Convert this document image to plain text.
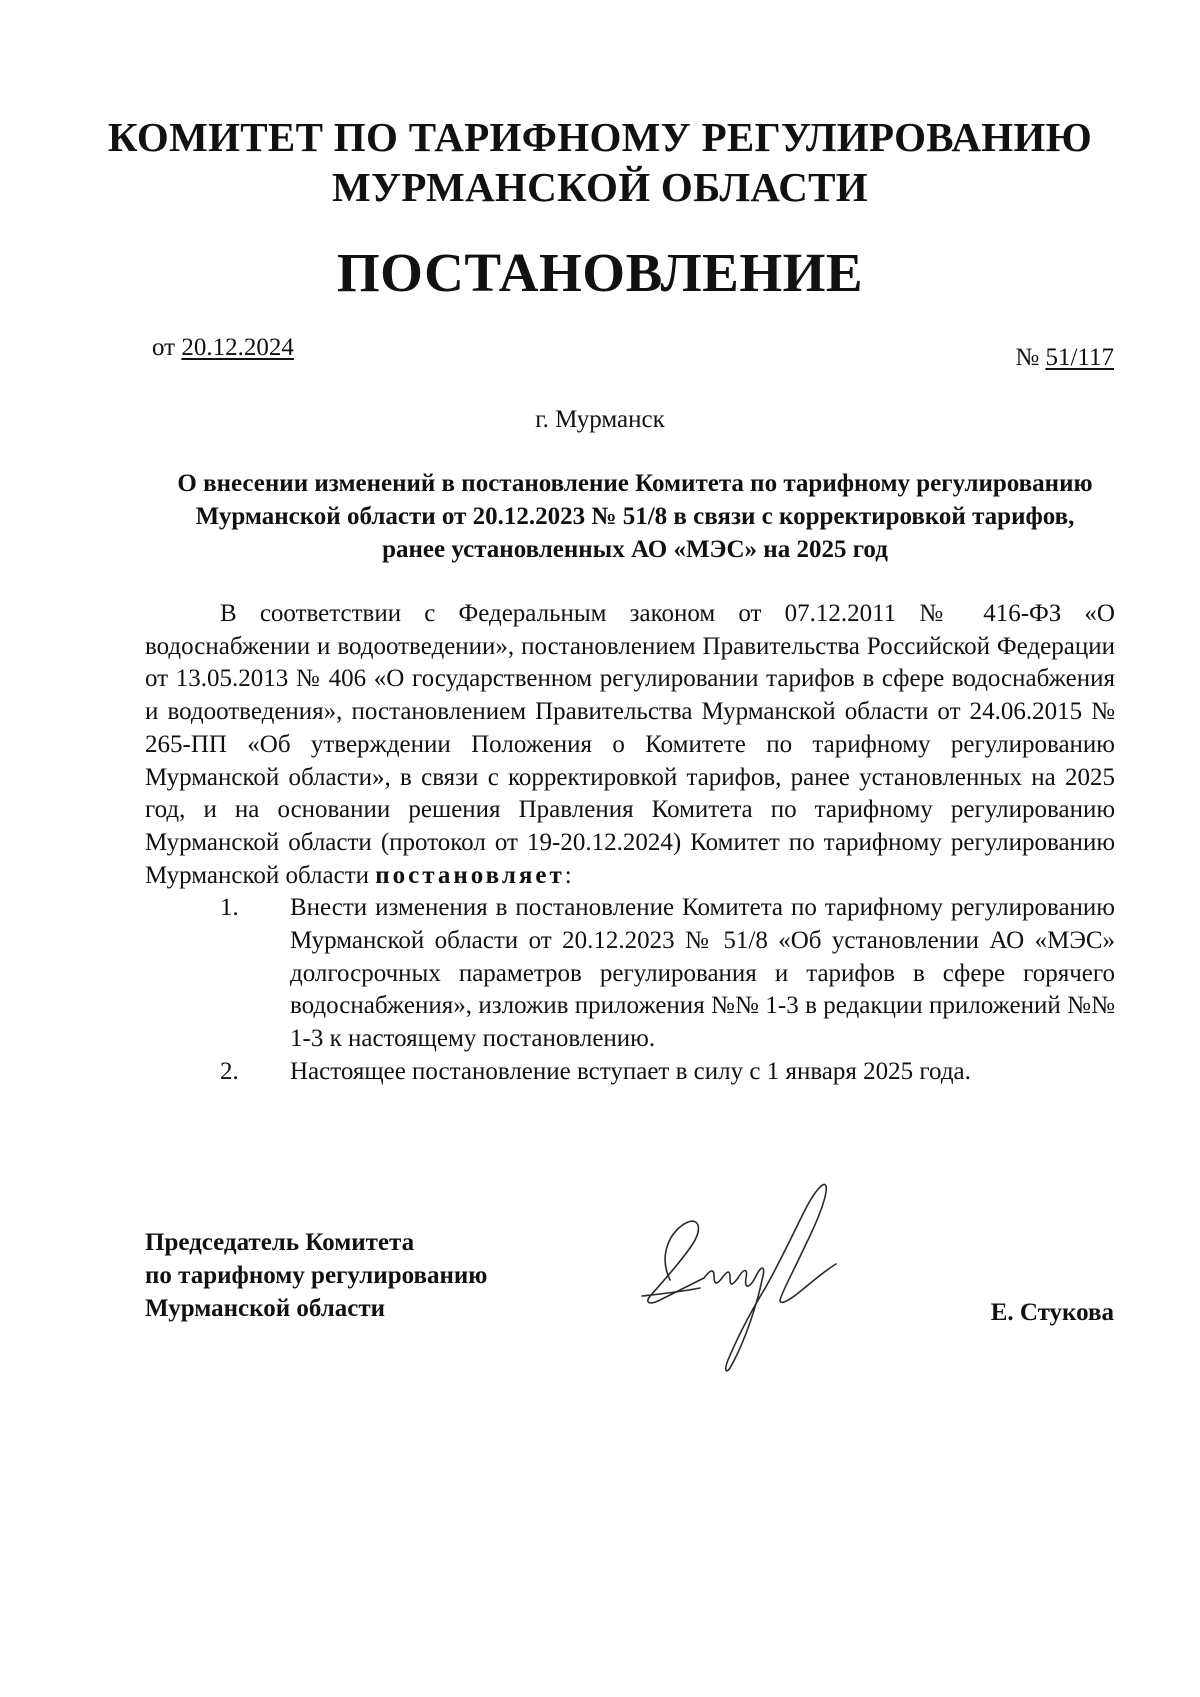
КОМИТЕТ ПО ТАРИФНОМУ РЕГУЛИРОВАНИЮ
МУРМАНСКОЙ ОБЛАСТИ
ПОСТАНОВЛЕНИЕ
от 20.12.2024	№ 51/117
г. Мурманск
О внесении изменений в постановление Комитета по тарифному регулированию Мурманской области от 20.12.2023 № 51/8 в связи с корректировкой тарифов, ранее установленных АО «МЭС» на 2025 год

В соответствии с Федеральным законом от 07.12.2011 № 416-ФЗ «О водоснабжении и водоотведении», постановлением Правительства Российской Федерации от 13.05.2013 № 406 «О государственном регулировании тарифов в сфере водоснабжения и водоотведения», постановлением Правительства Мурманской области от 24.06.2015 № 265-ПП «Об утверждении Положения о Комитете по тарифному регулированию Мурманской области», в связи с корректировкой тарифов, ранее установленных на 2025 год, и на основании решения Правления Комитета по тарифному регулированию Мурманской области (протокол от 19-20.12.2024) Комитет по тарифному регулированию Мурманской области постановляет:

1.	Внести изменения в постановление Комитета по тарифному регулированию Мурманской области от 20.12.2023 № 51/8 «Об установлении АО «МЭС» долгосрочных параметров регулирования и тарифов в сфере горячего водоснабжения», изложив приложения №№ 1-3 в редакции приложений №№ 1-3 к настоящему постановлению.

2.	Настоящее постановление вступает в силу с 1 января 2025 года.

Председатель Комитета
по тарифному регулированию
Мурманской области	Е. Стукова
